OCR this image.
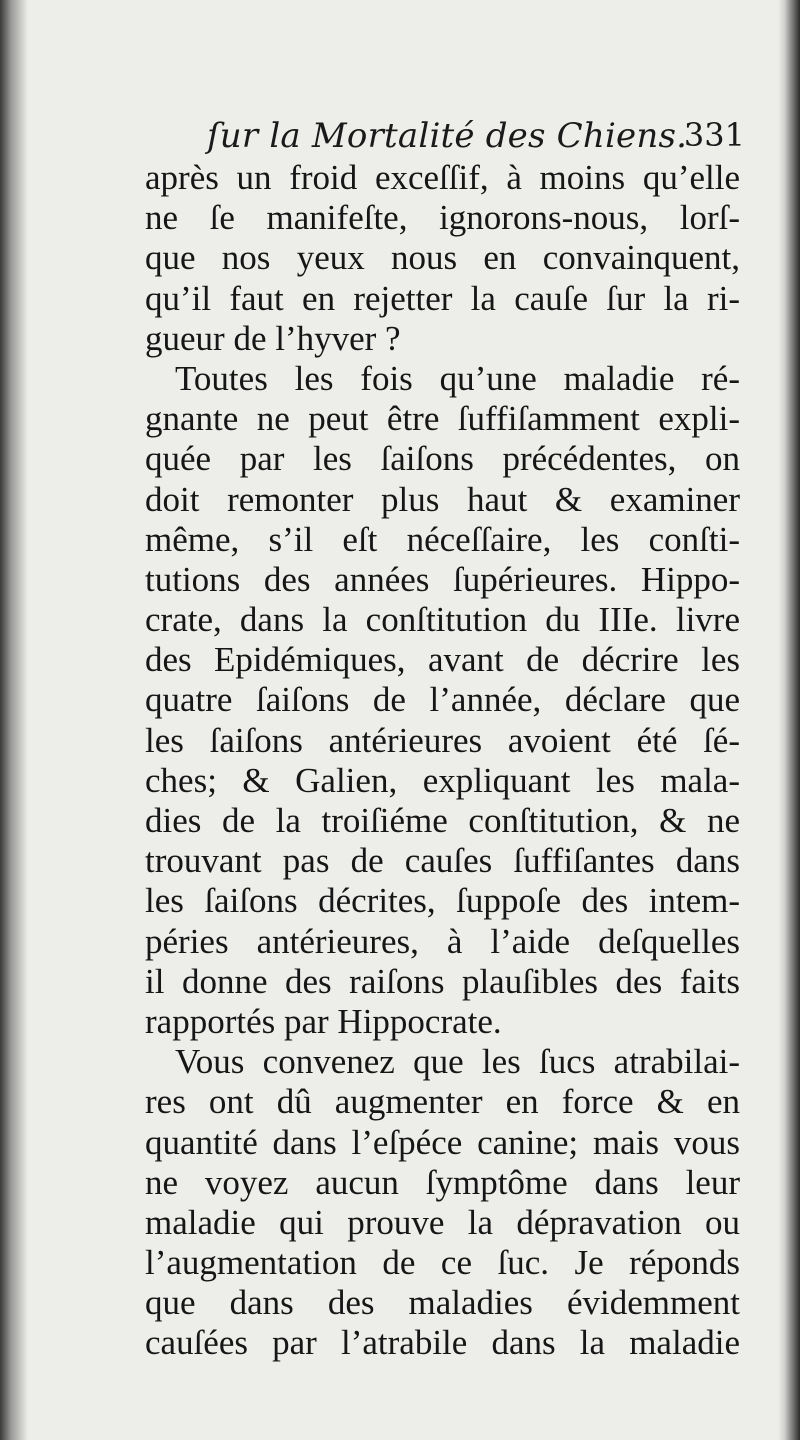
ſur la Mortalité des Chiens.
331
après un froid exceſſif, à moins qu’elle
ne ſe manifeſte, ignorons-nous, lorſ-
que nos yeux nous en convainquent,
qu’il faut en rejetter la cauſe ſur la ri-
gueur de l’hyver ?
Toutes les fois qu’une maladie ré-
gnante ne peut être ſuffiſamment expli-
quée par les ſaiſons précédentes, on
doit remonter plus haut & examiner
même, s’il eſt néceſſaire, les conſti-
tutions des années ſupérieures. Hippo-
crate, dans la conſtitution du IIIe. livre
des Epidémiques, avant de décrire les
quatre ſaiſons de l’année, déclare que
les ſaiſons antérieures avoient été ſé-
ches; & Galien, expliquant les mala-
dies de la troiſiéme conſtitution, & ne
trouvant pas de cauſes ſuffiſantes dans
les ſaiſons décrites, ſuppoſe des intem-
péries antérieures, à l’aide deſquelles
il donne des raiſons plauſibles des faits
rapportés par Hippocrate.
Vous convenez que les ſucs atrabilai-
res ont dû augmenter en force & en
quantité dans l’eſpéce canine; mais vous
ne voyez aucun ſymptôme dans leur
maladie qui prouve la dépravation ou
l’augmentation de ce ſuc. Je réponds
que dans des maladies évidemment
cauſées par l’atrabile dans la maladie
